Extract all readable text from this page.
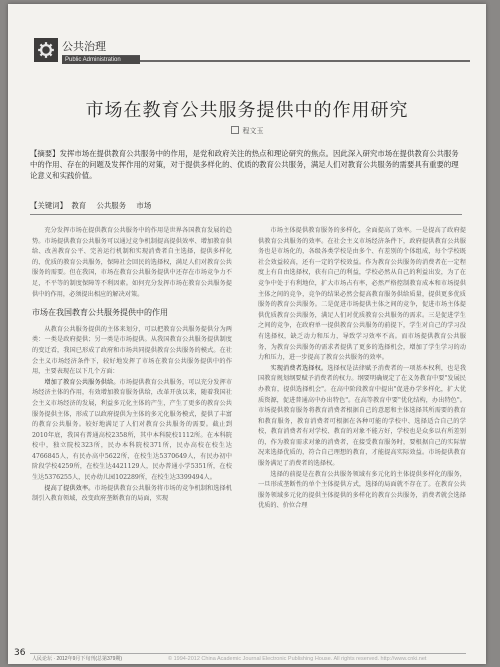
公共治理
Public Administration
市场在教育公共服务提供中的作用研究
程文玉
【摘要】发挥市场在提供教育公共服务中的作用，是党和政府关注的热点和理论研究的焦点。因此深入研究市场在提供教育公共服务中的作用、存在的问题及发挥作用的对策，对于提供多样化的、优质的教育公共服务，满足人们对教育公共服务的需要具有重要的理论意义和实践价值。
【关键词】 教育 公共服务 市场

充分发挥市场在提供教育公共服务中的作用是世界各国教育发展的趋势。市场提供教育公共服务可以通过竞争机制提高提供效率、增加教育供给、改善教育公平、完善运行机制和实现消费者自主选择，提供多样化的、优质的教育公共服务，保障社会回民的选择权，满足人们对教育公共服务的需要。但在我国，市场在教育公共服务提供中还存在市场竞争力不足，不平等的制度保障等不利因素。如何充分发挥市场在教育公共服务提供中的作用，必须提出相应的解决对策。

市场在我国教育公共服务提供中的作用

从教育公共服务提供的主体来划分，可以把教育公共服务提供分为两类：一类是政府提供；另一类是市场提供。从我国教育公共服务提供制度的变迁看，我国已形成了政府和市场共同提供教育公共服务的模式。在社会主义市场经济条件下，较好地发挥了市场在教育公共服务提供中的作用，主要表现在以下几个方面：

增加了教育公共服务供给。市场提供教育公共服务，可以充分发挥市场经济主体的作用，有效增加教育服务供给，改革开放以来，随着我国社会主义市场经济的发展，利益多元化主体的产生，产生了更多的教育公共服务提供主体，形成了以政府提供为主体的多元化服务模式，提供了丰富的教育公共服务。较好地满足了人们对教育公共服务的需要。截止到2010年底，我国有普通高校2358所，其中本科院校1112所。在本科院校中，独立院校323所，民办本科院校371所，民办高校在校生达4766845人，有民办高中5622所，在校生达5370649人，有民办初中阶段学校4259所，在校生达4421129人，民办普通小学5351所，在校生达5376255人，民办幼儿园102289所，在校生达3399494人。

提高了提供效率。市场提供教育公共服务将市场的竞争机制和选择机制引入教育领域，改变政府垄断教育的局面，实现

市场主体提供教育服务的多样化，全面提高了效率。一是提高了政府提供教育公共服务的效率。在社会主义市场经济条件下，政府提供教育公共服务也是市场化的，各级各类学校是由多个、有差别的个体组成，每个学校既社会效益较高，还有一定的学校效益。作为教育公共服务的消费者在一定程度上有自由选择权，获有自己的利益，学校必然从自己的利益出发，为了在竞争中处于有利地位，扩大市场占有率，必然严格控制教育成本和市场提供主体之间的竞争，竞争的结果必然会提高教育服务供给质量，提供更多优质服务的教育公共服务。二是促进市场提供主体之间的竞争，促进市场主体提供优质教育公共服务，满足人们对优质教育公共服务的需求。三是促进学生之间的竞争，在政府单一提供教育公共服务的前提下，学生对自己的学习没有选择权，缺乏动力和压力，导致学习效率不高。而市场提供教育公共服务，为教育公共服务的需求者提供了更多的选择机会，增加了学生学习的动力和压力，进一步提高了教育公共服务的效率。

实现消费者选择权。选择权是法律赋予消费者的一项基本权利，也是我国教育规划纲要赋予消费者的权力。纲要明确规定了在义务教育中要"发展民办教育，提供选择机会"。在高中阶段教育中提出"促进办学多样化，扩大优质资源，促进普通高中办出特色"。在高等教育中要"优化结构，办出特色"。市场提供教育服务将教育消费者根据自己的意愿和主体选择其所需要的教育和教育服务，教育消费者可根据在各种可能的学校中、选择适合自己的学校，教育消费者有对学校、教育的对象不能方好，学校也是众多以有所差别的，作为教育需求对象的消费者，在接受教育服务时，要根据自己的实际情况来选择优质的，符合自己理想的教育，才能提高实际效益。市场提供教育服务满足了消费者的选择权。

选择的前提是在教育公共服务领域有多元化的主体提供多样化的服务，一旦形成垄断性的单个主体提供方式，选择的局面就不存在了。在教育公共服务领域多元化的提供主体提供的多样化的教育公共服务，消费者就会选择优质的、价位合理

36
人民论坛 · 2012年9月下旬刊(总第379期)	© 1994-2012 China Academic Journal Electronic Publishing House. All rights reserved. http://www.cnki.net
